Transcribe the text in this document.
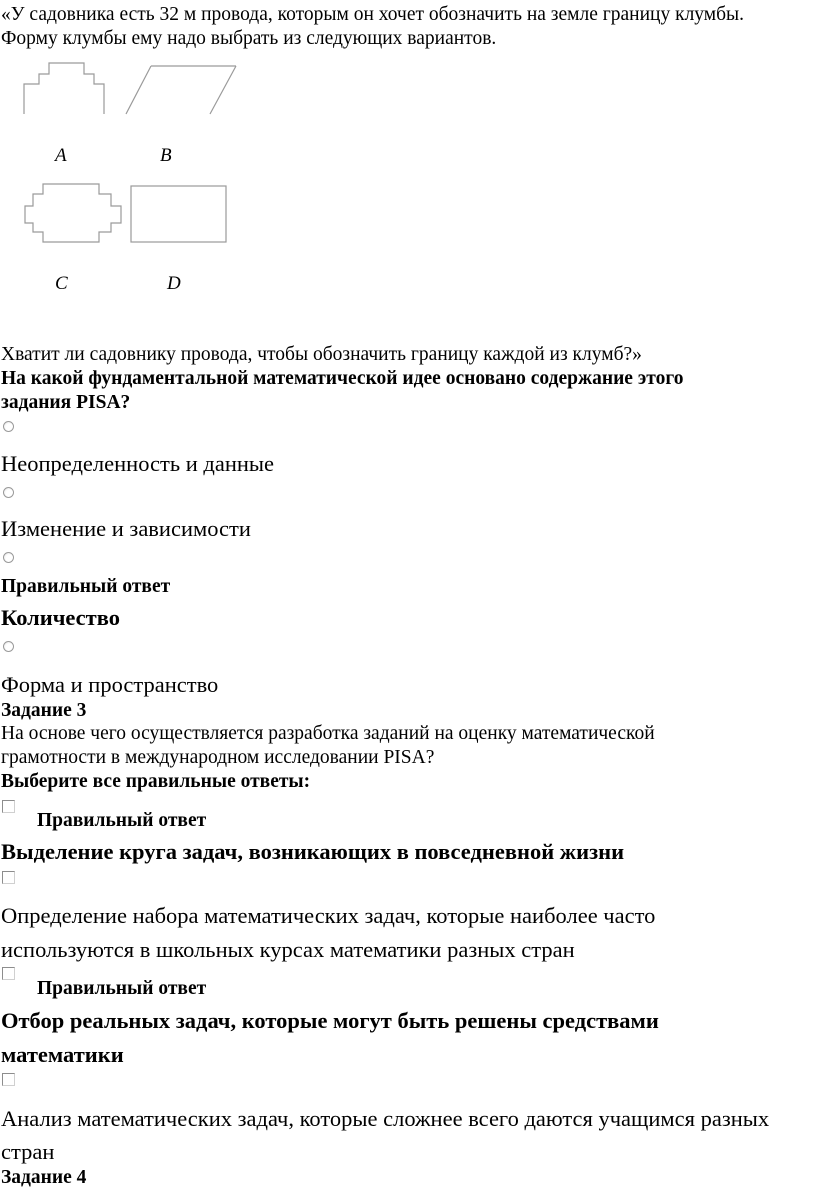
«У садовника есть 32 м провода, которым он хочет обозначить на земле границу клумбы.

Форму клумбы ему надо выбрать из следующих вариантов.

A	B
C	D

Хватит ли садовнику провода, чтобы обозначить границу каждой из клумб?»

На какой фундаментальной математической идее основано содержание этого

задания PISA?

Неопределенность и данные

Изменение и зависимости

Правильный ответ

Количество

Форма и пространство

Задание 3

На основе чего осуществляется разработка заданий на оценку математической

грамотности в международном исследовании PISA?

Выберите все правильные ответы:

Правильный ответ

Выделение круга задач, возникающих в повседневной жизни

Определение набора математических задач, которые наиболее часто

используются в школьных курсах математики разных стран

Правильный ответ

Отбор реальных задач, которые могут быть решены средствами

математики

Анализ математических задач, которые сложнее всего даются учащимся разных

стран

Задание 4
